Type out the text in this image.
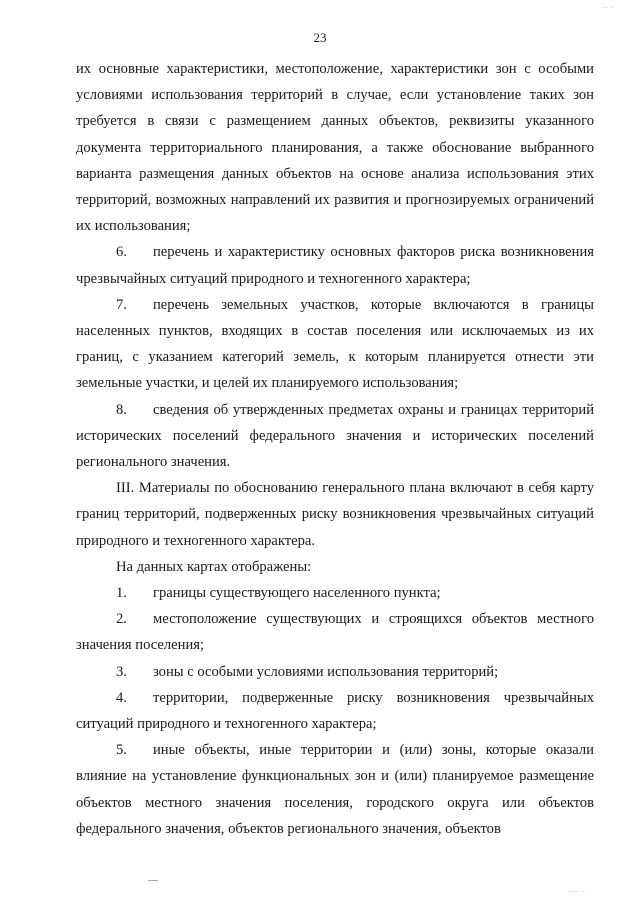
·· ·
23

их основные характеристики, местоположение, характеристики зон с особыми условиями использования территорий в случае, если установление таких зон требуется в связи с размещением данных объектов, реквизиты указанного документа территориального планирования, а также обоснование выбранного варианта размещения данных объектов на основе анализа использования этих территорий, возможных направлений их развития и прогнозируемых ограничений их использования;

6. перечень и характеристику основных факторов риска возникновения чрезвычайных ситуаций природного и техногенного характера;

7. перечень земельных участков, которые включаются в границы населенных пунктов, входящих в состав поселения или исключаемых из их границ, с указанием категорий земель, к которым планируется отнести эти земельные участки, и целей их планируемого использования;

8. сведения об утвержденных предметах охраны и границах территорий исторических поселений федерального значения и исторических поселений регионального значения.

III. Материалы по обоснованию генерального плана включают в себя карту границ территорий, подверженных риску возникновения чрезвычайных ситуаций природного и техногенного характера.

На данных картах отображены:

1. границы существующего населенного пункта;

2. местоположение существующих и строящихся объектов местного значения поселения;

3. зоны с особыми условиями использования территорий;

4. территории, подверженные риску возникновения чрезвычайных ситуаций природного и техногенного характера;

5. иные объекты, иные территории и (или) зоны, которые оказали влияние на установление функциональных зон и (или) планируемое размещение объектов местного значения поселения, городского округа или объектов федерального значения, объектов регионального значения, объектов

··· ·
